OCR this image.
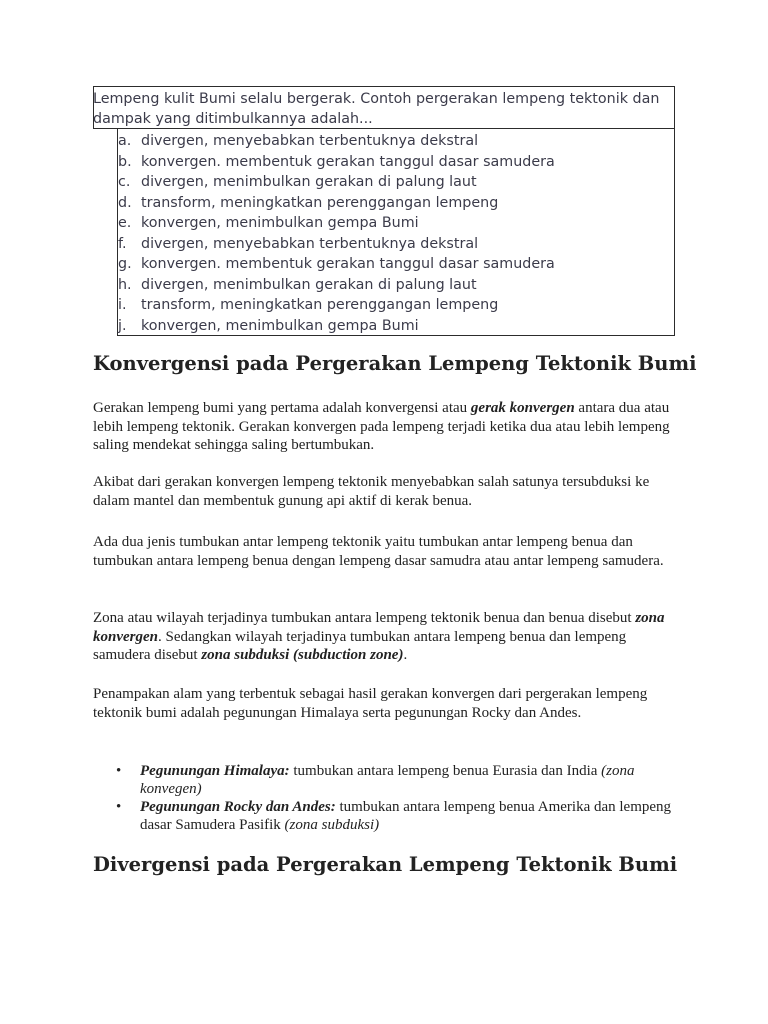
Lempeng kulit Bumi selalu bergerak. Contoh pergerakan lempeng tektonik dan dampak yang ditimbulkannya adalah...
a. divergen, menyebabkan terbentuknya dekstral
b. konvergen. membentuk gerakan tanggul dasar samudera
c. divergen, menimbulkan gerakan di palung laut
d. transform, meningkatkan perenggangan lempeng
e. konvergen, menimbulkan gempa Bumi
f. divergen, menyebabkan terbentuknya dekstral
g. konvergen. membentuk gerakan tanggul dasar samudera
h. divergen, menimbulkan gerakan di palung laut
i. transform, meningkatkan perenggangan lempeng
j. konvergen, menimbulkan gempa Bumi
Konvergensi pada Pergerakan Lempeng Tektonik Bumi

Gerakan lempeng bumi yang pertama adalah konvergensi atau gerak konvergen antara dua atau lebih lempeng tektonik. Gerakan konvergen pada lempeng terjadi ketika dua atau lebih lempeng saling mendekat sehingga saling bertumbukan.

Akibat dari gerakan konvergen lempeng tektonik menyebabkan salah satunya tersubduksi ke dalam mantel dan membentuk gunung api aktif di kerak benua.

Ada dua jenis tumbukan antar lempeng tektonik yaitu tumbukan antar lempeng benua dan tumbukan antara lempeng benua dengan lempeng dasar samudra atau antar lempeng samudera.

Zona atau wilayah terjadinya tumbukan antara lempeng tektonik benua dan benua disebut zona konvergen. Sedangkan wilayah terjadinya tumbukan antara lempeng benua dan lempeng samudera disebut zona subduksi (subduction zone).

Penampakan alam yang terbentuk sebagai hasil gerakan konvergen dari pergerakan lempeng tektonik bumi adalah pegunungan Himalaya serta pegunungan Rocky dan Andes.

• Pegunungan Himalaya: tumbukan antara lempeng benua Eurasia dan India (zona konvegen)
• Pegunungan Rocky dan Andes: tumbukan antara lempeng benua Amerika dan lempeng dasar Samudera Pasifik (zona subduksi)
Divergensi pada Pergerakan Lempeng Tektonik Bumi
